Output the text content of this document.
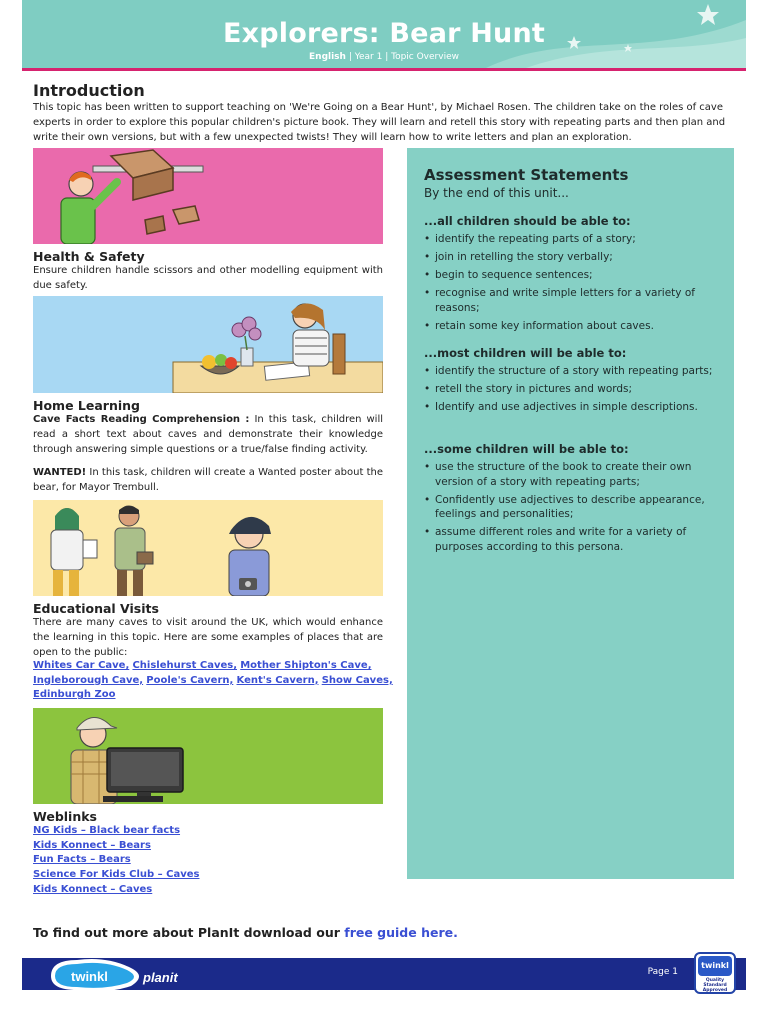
Explorers: Bear Hunt
English | Year 1 | Topic Overview
Introduction
This topic has been written to support teaching on 'We're Going on a Bear Hunt', by Michael Rosen. The children take on the roles of cave experts in order to explore this popular children's picture book. They will learn and retell this story with repeating parts and then plan and write their own versions, but with a few unexpected twists! They will learn how to write letters and plan an exploration.
Health & Safety
Ensure children handle scissors and other modelling equipment with due safety.
Home Learning
Cave Facts Reading Comprehension : In this task, children will read a short text about caves and demonstrate their knowledge through answering simple questions or a true/false finding activity.
WANTED! In this task, children will create a Wanted poster about the bear, for Mayor Trembull.
Educational Visits
There are many caves to visit around the UK, which would enhance the learning in this topic. Here are some examples of places that are open to the public:
Whites Car Cave, Chislehurst Caves, Mother Shipton's Cave,
Ingleborough Cave, Poole's Cavern, Kent's Cavern, Show Caves,
Edinburgh Zoo
Weblinks
NG Kids – Black bear facts
Kids Konnect – Bears
Fun Facts – Bears
Science For Kids Club – Caves
Kids Konnect – Caves
Assessment Statements
By the end of this unit...
...all children should be able to:
• identify the repeating parts of a story;
• join in retelling the story verbally;
• begin to sequence sentences;
• recognise and write simple letters for a variety of reasons;
• retain some key information about caves.
...most children will be able to:
• identify the structure of a story with repeating parts;
• retell the story in pictures and words;
• Identify and use adjectives in simple descriptions.
...some children will be able to:
• use the structure of the book to create their own version of a story with repeating parts;
• Confidently use adjectives to describe appearance, feelings and personalities;
• assume different roles and write for a variety of purposes according to this persona.
To find out more about PlanIt download our free guide here.
twinkl	planit	Page 1
twinkl
Quality Standard Approved
